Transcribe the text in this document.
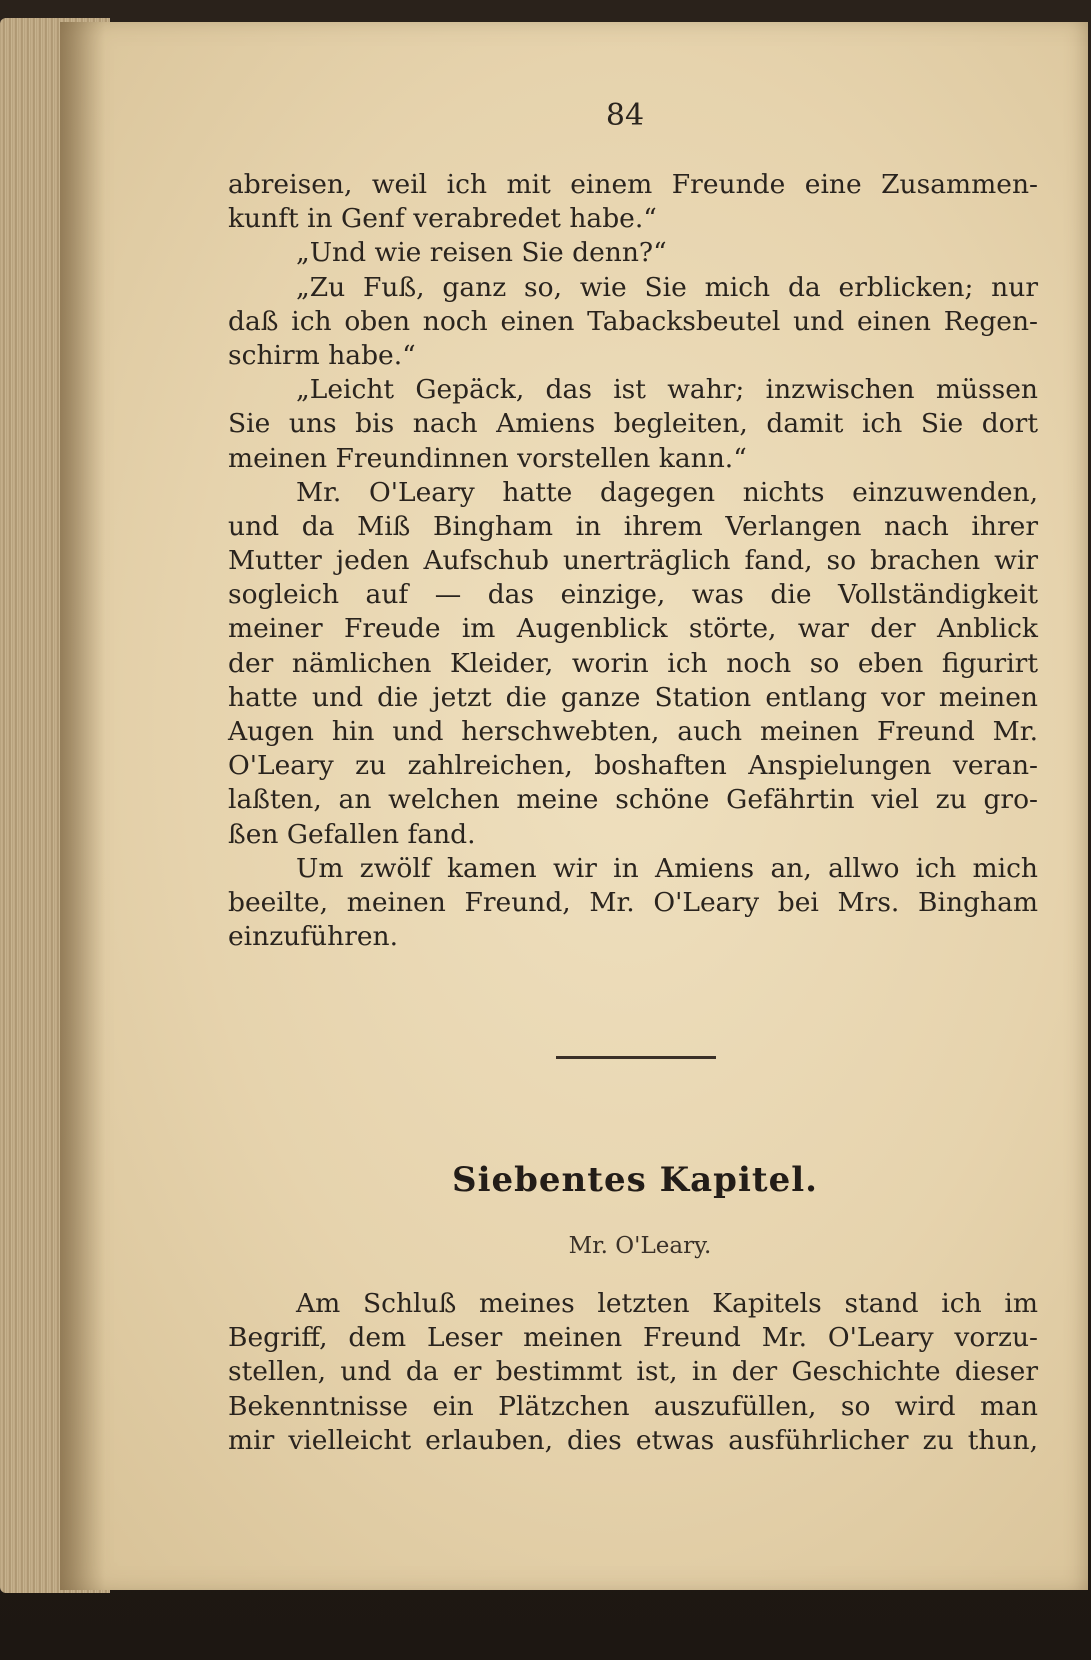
84
abreisen, weil ich mit einem Freunde eine Zusammen-
kunft in Genf verabredet habe.“
„Und wie reisen Sie denn?“
„Zu Fuß, ganz so, wie Sie mich da erblicken; nur
daß ich oben noch einen Tabacksbeutel und einen Regen-
schirm habe.“
„Leicht Gepäck, das ist wahr; inzwischen müssen
Sie uns bis nach Amiens begleiten, damit ich Sie dort
meinen Freundinnen vorstellen kann.“
Mr. O'Leary hatte dagegen nichts einzuwenden,
und da Miß Bingham in ihrem Verlangen nach ihrer
Mutter jeden Aufschub unerträglich fand, so brachen wir
sogleich auf — das einzige, was die Vollständigkeit
meiner Freude im Augenblick störte, war der Anblick
der nämlichen Kleider, worin ich noch so eben figurirt
hatte und die jetzt die ganze Station entlang vor meinen
Augen hin und herschwebten, auch meinen Freund Mr.
O'Leary zu zahlreichen, boshaften Anspielungen veran-
laßten, an welchen meine schöne Gefährtin viel zu gro-
ßen Gefallen fand.
Um zwölf kamen wir in Amiens an, allwo ich mich
beeilte, meinen Freund, Mr. O'Leary bei Mrs. Bingham
einzuführen.
Siebentes Kapitel.
Mr. O'Leary.
Am Schluß meines letzten Kapitels stand ich im
Begriff, dem Leser meinen Freund Mr. O'Leary vorzu-
stellen, und da er bestimmt ist, in der Geschichte dieser
Bekenntnisse ein Plätzchen auszufüllen, so wird man
mir vielleicht erlauben, dies etwas ausführlicher zu thun,
